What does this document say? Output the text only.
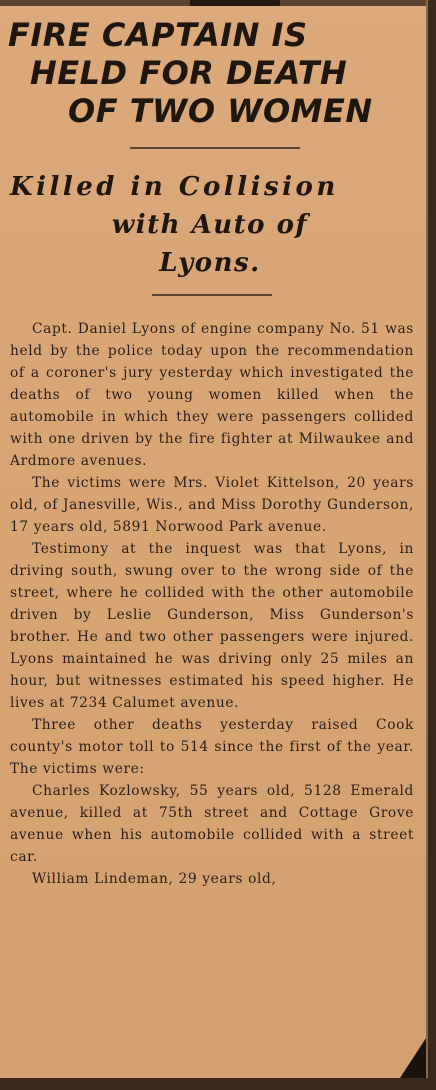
FIRE CAPTAIN IS
HELD FOR DEATH
OF TWO WOMEN
Killed in Collision
with Auto of
Lyons.

Capt. Daniel Lyons of engine company No. 51 was held by the police today upon the recommendation of a coroner's jury yesterday which investigated the deaths of two young women killed when the automobile in which they were passengers collided with one driven by the fire fighter at Milwaukee and Ardmore avenues.

The victims were Mrs. Violet Kittelson, 20 years old, of Janesville, Wis., and Miss Dorothy Gunderson, 17 years old, 5891 Norwood Park avenue.

Testimony at the inquest was that Lyons, in driving south, swung over to the wrong side of the street, where he collided with the other automobile driven by Leslie Gunderson, Miss Gunderson's brother. He and two other passengers were injured. Lyons maintained he was driving only 25 miles an hour, but witnesses estimated his speed higher. He lives at 7234 Calumet avenue.

Three other deaths yesterday raised Cook county's motor toll to 514 since the first of the year. The victims were:

Charles Kozlowsky, 55 years old, 5128 Emerald avenue, killed at 75th street and Cottage Grove avenue when his automobile collided with a street car.

William Lindeman, 29 years old,
